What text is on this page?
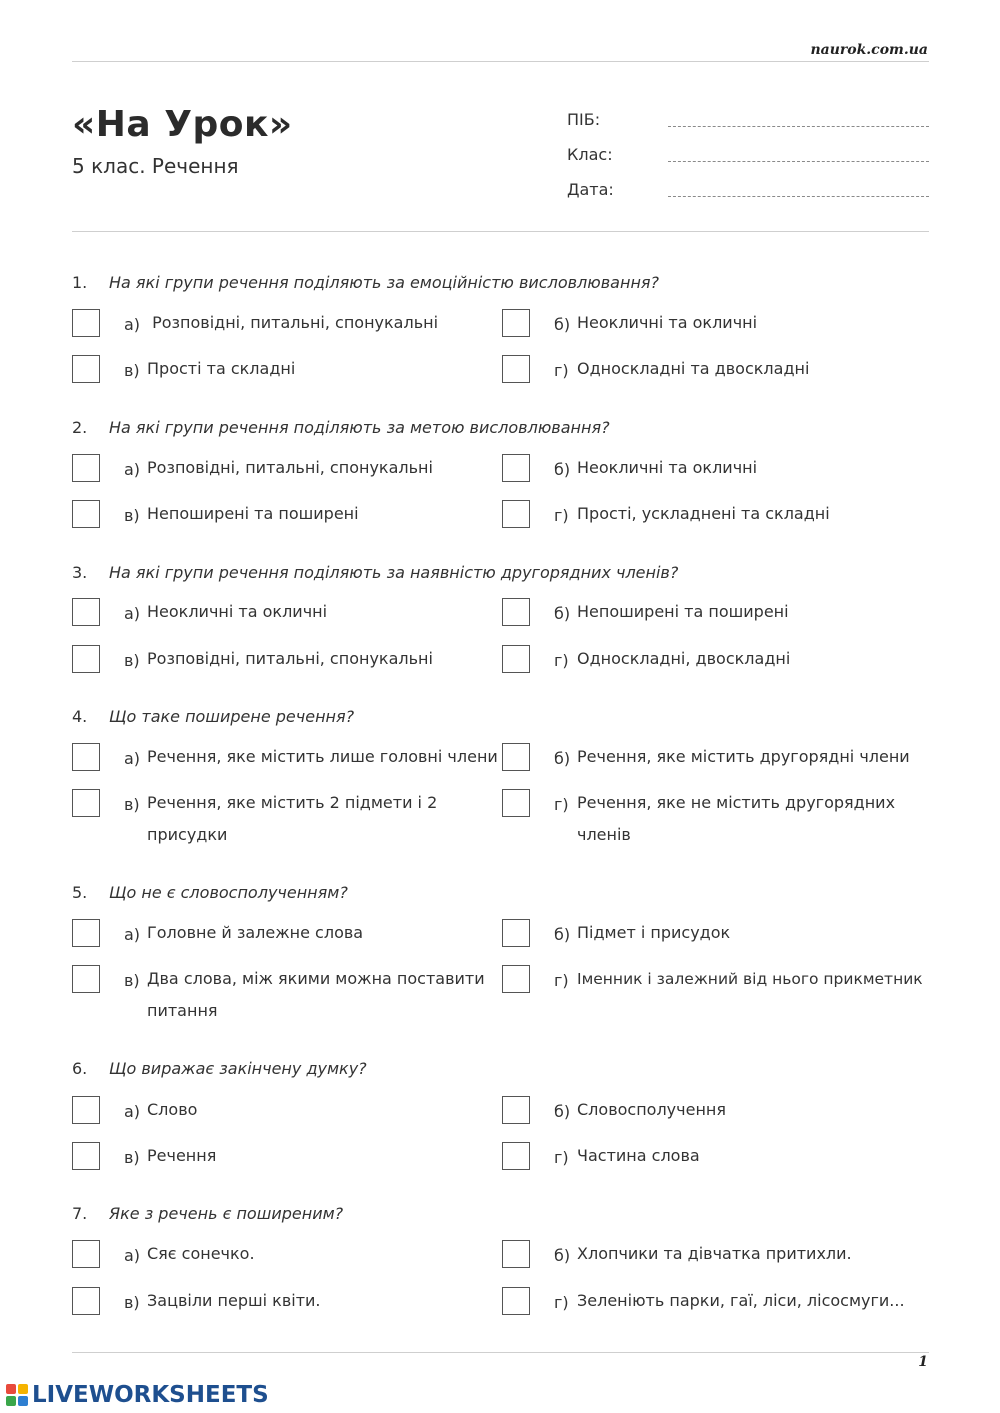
naurok.com.ua
«На Урок»
5 клас. Речення
ПІБ:
Клас:
Дата:
1. На які групи речення поділяють за емоційністю висловлювання?
а) Розповідні, питальні, спонукальні	б) Неокличні та окличні
в) Прості та складні	г) Односкладні та двоскладні
2. На які групи речення поділяють за метою висловлювання?
а) Розповідні, питальні, спонукальні	б) Неокличні та окличні
в) Непоширені та поширені	г) Прості, ускладнені та складні
3. На які групи речення поділяють за наявністю другорядних членів?
а) Неокличні та окличні	б) Непоширені та поширені
в) Розповідні, питальні, спонукальні	г) Односкладні, двоскладні
4. Що таке поширене речення?
а) Речення, яке містить лише головні члени	б) Речення, яке містить другорядні члени
в) Речення, яке містить 2 підмети і 2 присудки
г) Речення, яке не містить другорядних членів
5. Що не є словосполученням?
а) Головне й залежне слова	б) Підмет і присудок
в) Два слова, між якими можна поставити питання
г) Іменник і залежний від нього прикметник
6. Що виражає закінчену думку?
а) Слово	б) Словосполучення
в) Речення	г) Частина слова
7. Яке з речень є поширеним?
а) Сяє сонечко.	б) Хлопчики та дівчатка притихли.
в) Зацвіли перші квіти.	г) Зеленіють парки, гаї, ліси, лісосмуги...
1
LIVEWORKSHEETS
